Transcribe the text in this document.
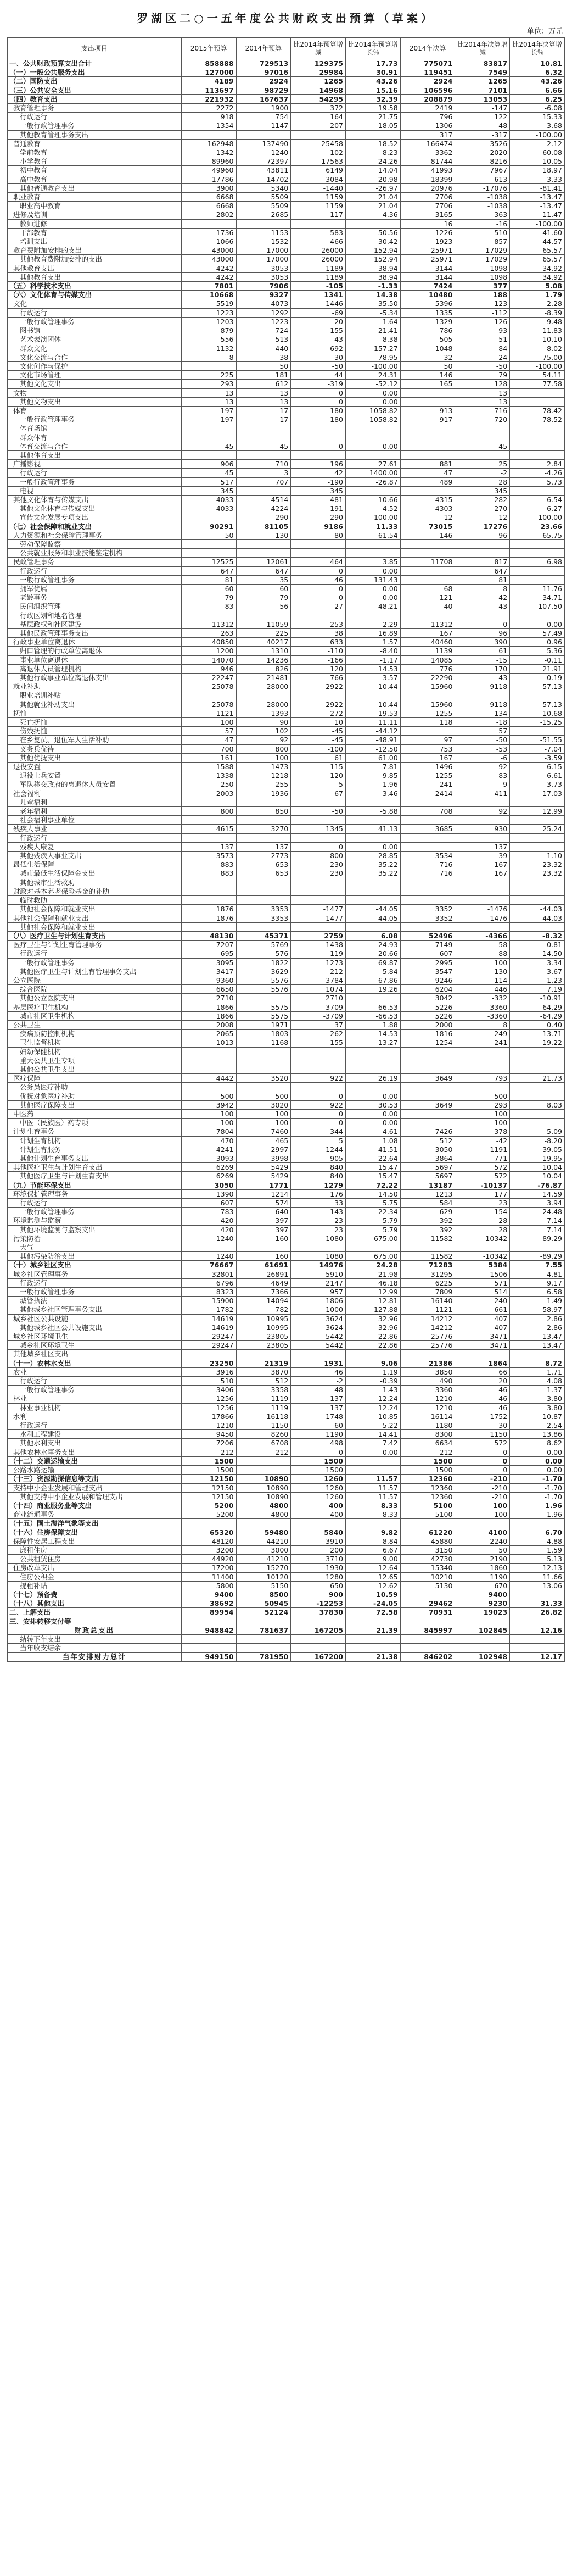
罗湖区二○一五年度公共财政支出预算（草案）
单位：万元
支出项目	2015年预算	2014年预算	比2014年预算增减	比2014年预算增长％	2014年决算	比2014年决算增减	比2014年决算增长％
一、公共财政预算支出合计	858888	729513	129375	17.73	775071	83817	10.81
（一）一般公共服务支出	127000	97016	29984	30.91	119451	7549	6.32
（二）国防支出	4189	2924	1265	43.26	2924	1265	43.26
（三）公共安全支出	113697	98729	14968	15.16	106596	7101	6.66
（四）教育支出	221932	167637	54295	32.39	208879	13053	6.25
教育管理事务	2272	1900	372	19.58	2419	-147	-6.08
行政运行	918	754	164	21.75	796	122	15.33
一般行政管理事务	1354	1147	207	18.05	1306	48	3.68
其他教育管理事务支出					317	-317	-100.00
普通教育	162948	137490	25458	18.52	166474	-3526	-2.12
学前教育	1342	1240	102	8.23	3362	-2020	-60.08
小学教育	89960	72397	17563	24.26	81744	8216	10.05
初中教育	49960	43811	6149	14.04	41993	7967	18.97
高中教育	17786	14702	3084	20.98	18399	-613	-3.33
其他普通教育支出	3900	5340	-1440	-26.97	20976	-17076	-81.41
职业教育	6668	5509	1159	21.04	7706	-1038	-13.47
职业高中教育	6668	5509	1159	21.04	7706	-1038	-13.47
进修及培训	2802	2685	117	4.36	3165	-363	-11.47
教师进修					16	-16	-100.00
干部教育	1736	1153	583	50.56	1226	510	41.60
培训支出	1066	1532	-466	-30.42	1923	-857	-44.57
教育费附加安排的支出	43000	17000	26000	152.94	25971	17029	65.57
其他教育费附加安排的支出	43000	17000	26000	152.94	25971	17029	65.57
其他教育支出	4242	3053	1189	38.94	3144	1098	34.92
其他教育支出	4242	3053	1189	38.94	3144	1098	34.92
（五）科学技术支出	7801	7906	-105	-1.33	7424	377	5.08
（六）文化体育与传媒支出	10668	9327	1341	14.38	10480	188	1.79
文化	5519	4073	1446	35.50	5396	123	2.28
行政运行	1223	1292	-69	-5.34	1335	-112	-8.39
一般行政管理事务	1203	1223	-20	-1.64	1329	-126	-9.48
图书馆	879	724	155	21.41	786	93	11.83
艺术表演团体	556	513	43	8.38	505	51	10.10
群众文化	1132	440	692	157.27	1048	84	8.02
文化交流与合作	8	38	-30	-78.95	32	-24	-75.00
文化创作与保护		50	-50	-100.00	50	-50	-100.00
文化市场管理	225	181	44	24.31	146	79	54.11
其他文化支出	293	612	-319	-52.12	165	128	77.58
文物	13	13	0	0.00		13	
其他文物支出	13	13	0	0.00		13	
体育	197	17	180	1058.82	913	-716	-78.42
一般行政管理事务	197	17	180	1058.82	917	-720	-78.52
体育场馆							
群众体育							
体育交流与合作	45	45	0	0.00		45	
其他体育支出							
广播影视	906	710	196	27.61	881	25	2.84
行政运行	45	3	42	1400.00	47	-2	-4.26
一般行政管理事务	517	707	-190	-26.87	489	28	5.73
电视	345		345			345	
其他文化体育与传媒支出	4033	4514	-481	-10.66	4315	-282	-6.54
其他文化体育与传媒支出	4033	4224	-191	-4.52	4303	-270	-6.27
宣传文化发展专项支出		290	-290	-100.00	12	-12	-100.00
（七）社会保障和就业支出	90291	81105	9186	11.33	73015	17276	23.66
人力资源和社会保障管理事务	50	130	-80	-61.54	146	-96	-65.75
劳动保障监察							
公共就业服务和职业技能鉴定机构							
民政管理事务	12525	12061	464	3.85	11708	817	6.98
行政运行	647	647	0	0.00		647	
一般行政管理事务	81	35	46	131.43		81	
拥军优属	60	60	0	0.00	68	-8	-11.76
老龄事务	79	79	0	0.00	121	-42	-34.71
民间组织管理	83	56	27	48.21	40	43	107.50
行政区划和地名管理							
基层政权和社区建设	11312	11059	253	2.29	11312	0	0.00
其他民政管理事务支出	263	225	38	16.89	167	96	57.49
行政事业单位离退休	40850	40217	633	1.57	40460	390	0.96
归口管理的行政单位离退休	1200	1310	-110	-8.40	1139	61	5.36
事业单位离退休	14070	14236	-166	-1.17	14085	-15	-0.11
离退休人员管理机构	946	826	120	14.53	776	170	21.91
其他行政事业单位离退休支出	22247	21481	766	3.57	22290	-43	-0.19
就业补助	25078	28000	-2922	-10.44	15960	9118	57.13
职业培训补贴							
其他就业补助支出	25078	28000	-2922	-10.44	15960	9118	57.13
抚恤	1121	1393	-272	-19.53	1255	-134	-10.68
死亡抚恤	100	90	10	11.11	118	-18	-15.25
伤残抚恤	57	102	-45	-44.12		57	
在乡复员、退伍军人生活补助	47	92	-45	-48.91	97	-50	-51.55
义务兵优待	700	800	-100	-12.50	753	-53	-7.04
其他优抚支出	161	100	61	61.00	167	-6	-3.59
退役安置	1588	1473	115	7.81	1496	92	6.15
退役士兵安置	1338	1218	120	9.85	1255	83	6.61
军队移交政府的离退休人员安置	250	255	-5	-1.96	241	9	3.73
社会福利	2003	1936	67	3.46	2414	-411	-17.03
儿童福利							
老年福利	800	850	-50	-5.88	708	92	12.99
社会福利事业单位							
残疾人事业	4615	3270	1345	41.13	3685	930	25.24
行政运行							
残疾人康复	137	137	0	0.00		137	
其他残疾人事业支出	3573	2773	800	28.85	3534	39	1.10
最低生活保障	883	653	230	35.22	716	167	23.32
城市最低生活保障金支出	883	653	230	35.22	716	167	23.32
其他城市生活救助							
财政对基本养老保险基金的补助							
临时救助							
其他社会保障和就业支出	1876	3353	-1477	-44.05	3352	-1476	-44.03
其他社会保障和就业支出	1876	3353	-1477	-44.05	3352	-1476	-44.03
其他社会保障和就业支出							
（八）医疗卫生与计划生育支出	48130	45371	2759	6.08	52496	-4366	-8.32
医疗卫生与计划生育管理事务	7207	5769	1438	24.93	7149	58	0.81
行政运行	695	576	119	20.66	607	88	14.50
一般行政管理事务	3095	1822	1273	69.87	2995	100	3.34
其他医疗卫生与计划生育管理事务支出	3417	3629	-212	-5.84	3547	-130	-3.67
公立医院	9360	5576	3784	67.86	9246	114	1.23
综合医院	6650	5576	1074	19.26	6204	446	7.19
其他公立医院支出	2710		2710		3042	-332	-10.91
基层医疗卫生机构	1866	5575	-3709	-66.53	5226	-3360	-64.29
城市社区卫生机构	1866	5575	-3709	-66.53	5226	-3360	-64.29
公共卫生	2008	1971	37	1.88	2000	8	0.40
疾病预防控制机构	2065	1803	262	14.53	1816	249	13.71
卫生监督机构	1013	1168	-155	-13.27	1254	-241	-19.22
妇幼保健机构							
重大公共卫生专项							
其他公共卫生支出							
医疗保障	4442	3520	922	26.19	3649	793	21.73
公务员医疗补助							
优抚对象医疗补助	500	500	0	0.00		500	
其他医疗保障支出	3942	3020	922	30.53	3649	293	8.03
中医药	100	100	0	0.00		100	
中医（民族医）药专项	100	100	0	0.00		100	
计划生育事务	7804	7460	344	4.61	7426	378	5.09
计划生育机构	470	465	5	1.08	512	-42	-8.20
计划生育服务	4241	2997	1244	41.51	3050	1191	39.05
其他计划生育事务支出	3093	3998	-905	-22.64	3864	-771	-19.95
其他医疗卫生与计划生育支出	6269	5429	840	15.47	5697	572	10.04
其他医疗卫生与计划生育支出	6269	5429	840	15.47	5697	572	10.04
（九）节能环保支出	3050	1771	1279	72.22	13187	-10137	-76.87
环境保护管理事务	1390	1214	176	14.50	1213	177	14.59
行政运行	607	574	33	5.75	584	23	3.94
一般行政管理事务	783	640	143	22.34	629	154	24.48
环境监测与监察	420	397	23	5.79	392	28	7.14
其他环境监测与监察支出	420	397	23	5.79	392	28	7.14
污染防治	1240	160	1080	675.00	11582	-10342	-89.29
大气							
其他污染防治支出	1240	160	1080	675.00	11582	-10342	-89.29
（十）城乡社区支出	76667	61691	14976	24.28	71283	5384	7.55
城乡社区管理事务	32801	26891	5910	21.98	31295	1506	4.81
行政运行	6796	4649	2147	46.18	6225	571	9.17
一般行政管理事务	8323	7366	957	12.99	7809	514	6.58
城管执法	15900	14094	1806	12.81	16140	-240	-1.49
其他城乡社区管理事务支出	1782	782	1000	127.88	1121	661	58.97
城乡社区公共设施	14619	10995	3624	32.96	14212	407	2.86
其他城乡社区公共设施支出	14619	10995	3624	32.96	14212	407	2.86
城乡社区环境卫生	29247	23805	5442	22.86	25776	3471	13.47
城乡社区环境卫生	29247	23805	5442	22.86	25776	3471	13.47
其他城乡社区支出							
（十一）农林水支出	23250	21319	1931	9.06	21386	1864	8.72
农业	3916	3870	46	1.19	3850	66	1.71
行政运行	510	512	-2	-0.39	490	20	4.08
一般行政管理事务	3406	3358	48	1.43	3360	46	1.37
林业	1256	1119	137	12.24	1210	46	3.80
林业事业机构	1256	1119	137	12.24	1210	46	3.80
水利	17866	16118	1748	10.85	16114	1752	10.87
行政运行	1210	1150	60	5.22	1180	30	2.54
水利工程建设	9450	8260	1190	14.41	8300	1150	13.86
其他水利支出	7206	6708	498	7.42	6634	572	8.62
其他农林水事务支出	212	212	0	0.00	212	0	0.00
（十二）交通运输支出	1500		1500		1500	0	0.00
公路水路运输	1500		1500		1500	0	0.00
（十三）资源勘探信息等支出	12150	10890	1260	11.57	12360	-210	-1.70
支持中小企业发展和管理支出	12150	10890	1260	11.57	12360	-210	-1.70
其他支持中小企业发展和管理支出	12150	10890	1260	11.57	12360	-210	-1.70
（十四）商业服务业等支出	5200	4800	400	8.33	5100	100	1.96
商业流通事务	5200	4800	400	8.33	5100	100	1.96
（十五）国土海洋气象等支出							
（十六）住房保障支出	65320	59480	5840	9.82	61220	4100	6.70
保障性安居工程支出	48120	44210	3910	8.84	45880	2240	4.88
廉租住房	3200	3000	200	6.67	3150	50	1.59
公共租赁住房	44920	41210	3710	9.00	42730	2190	5.13
住房改革支出	17200	15270	1930	12.64	15340	1860	12.13
住房公积金	11400	10120	1280	12.65	10210	1190	11.66
提租补贴	5800	5150	650	12.62	5130	670	13.06
（十七）预备费	9400	8500	900	10.59		9400	
（十八）其他支出	38692	50945	-12253	-24.05	29462	9230	31.33
二、上解支出	89954	52124	37830	72.58	70931	19023	26.82
三、安排转移支付等							
财政总支出	948842	781637	167205	21.39	845997	102845	12.16
结转下年支出							
当年收支结余							
当年安排财力总计	949150	781950	167200	21.38	846202	102948	12.17
